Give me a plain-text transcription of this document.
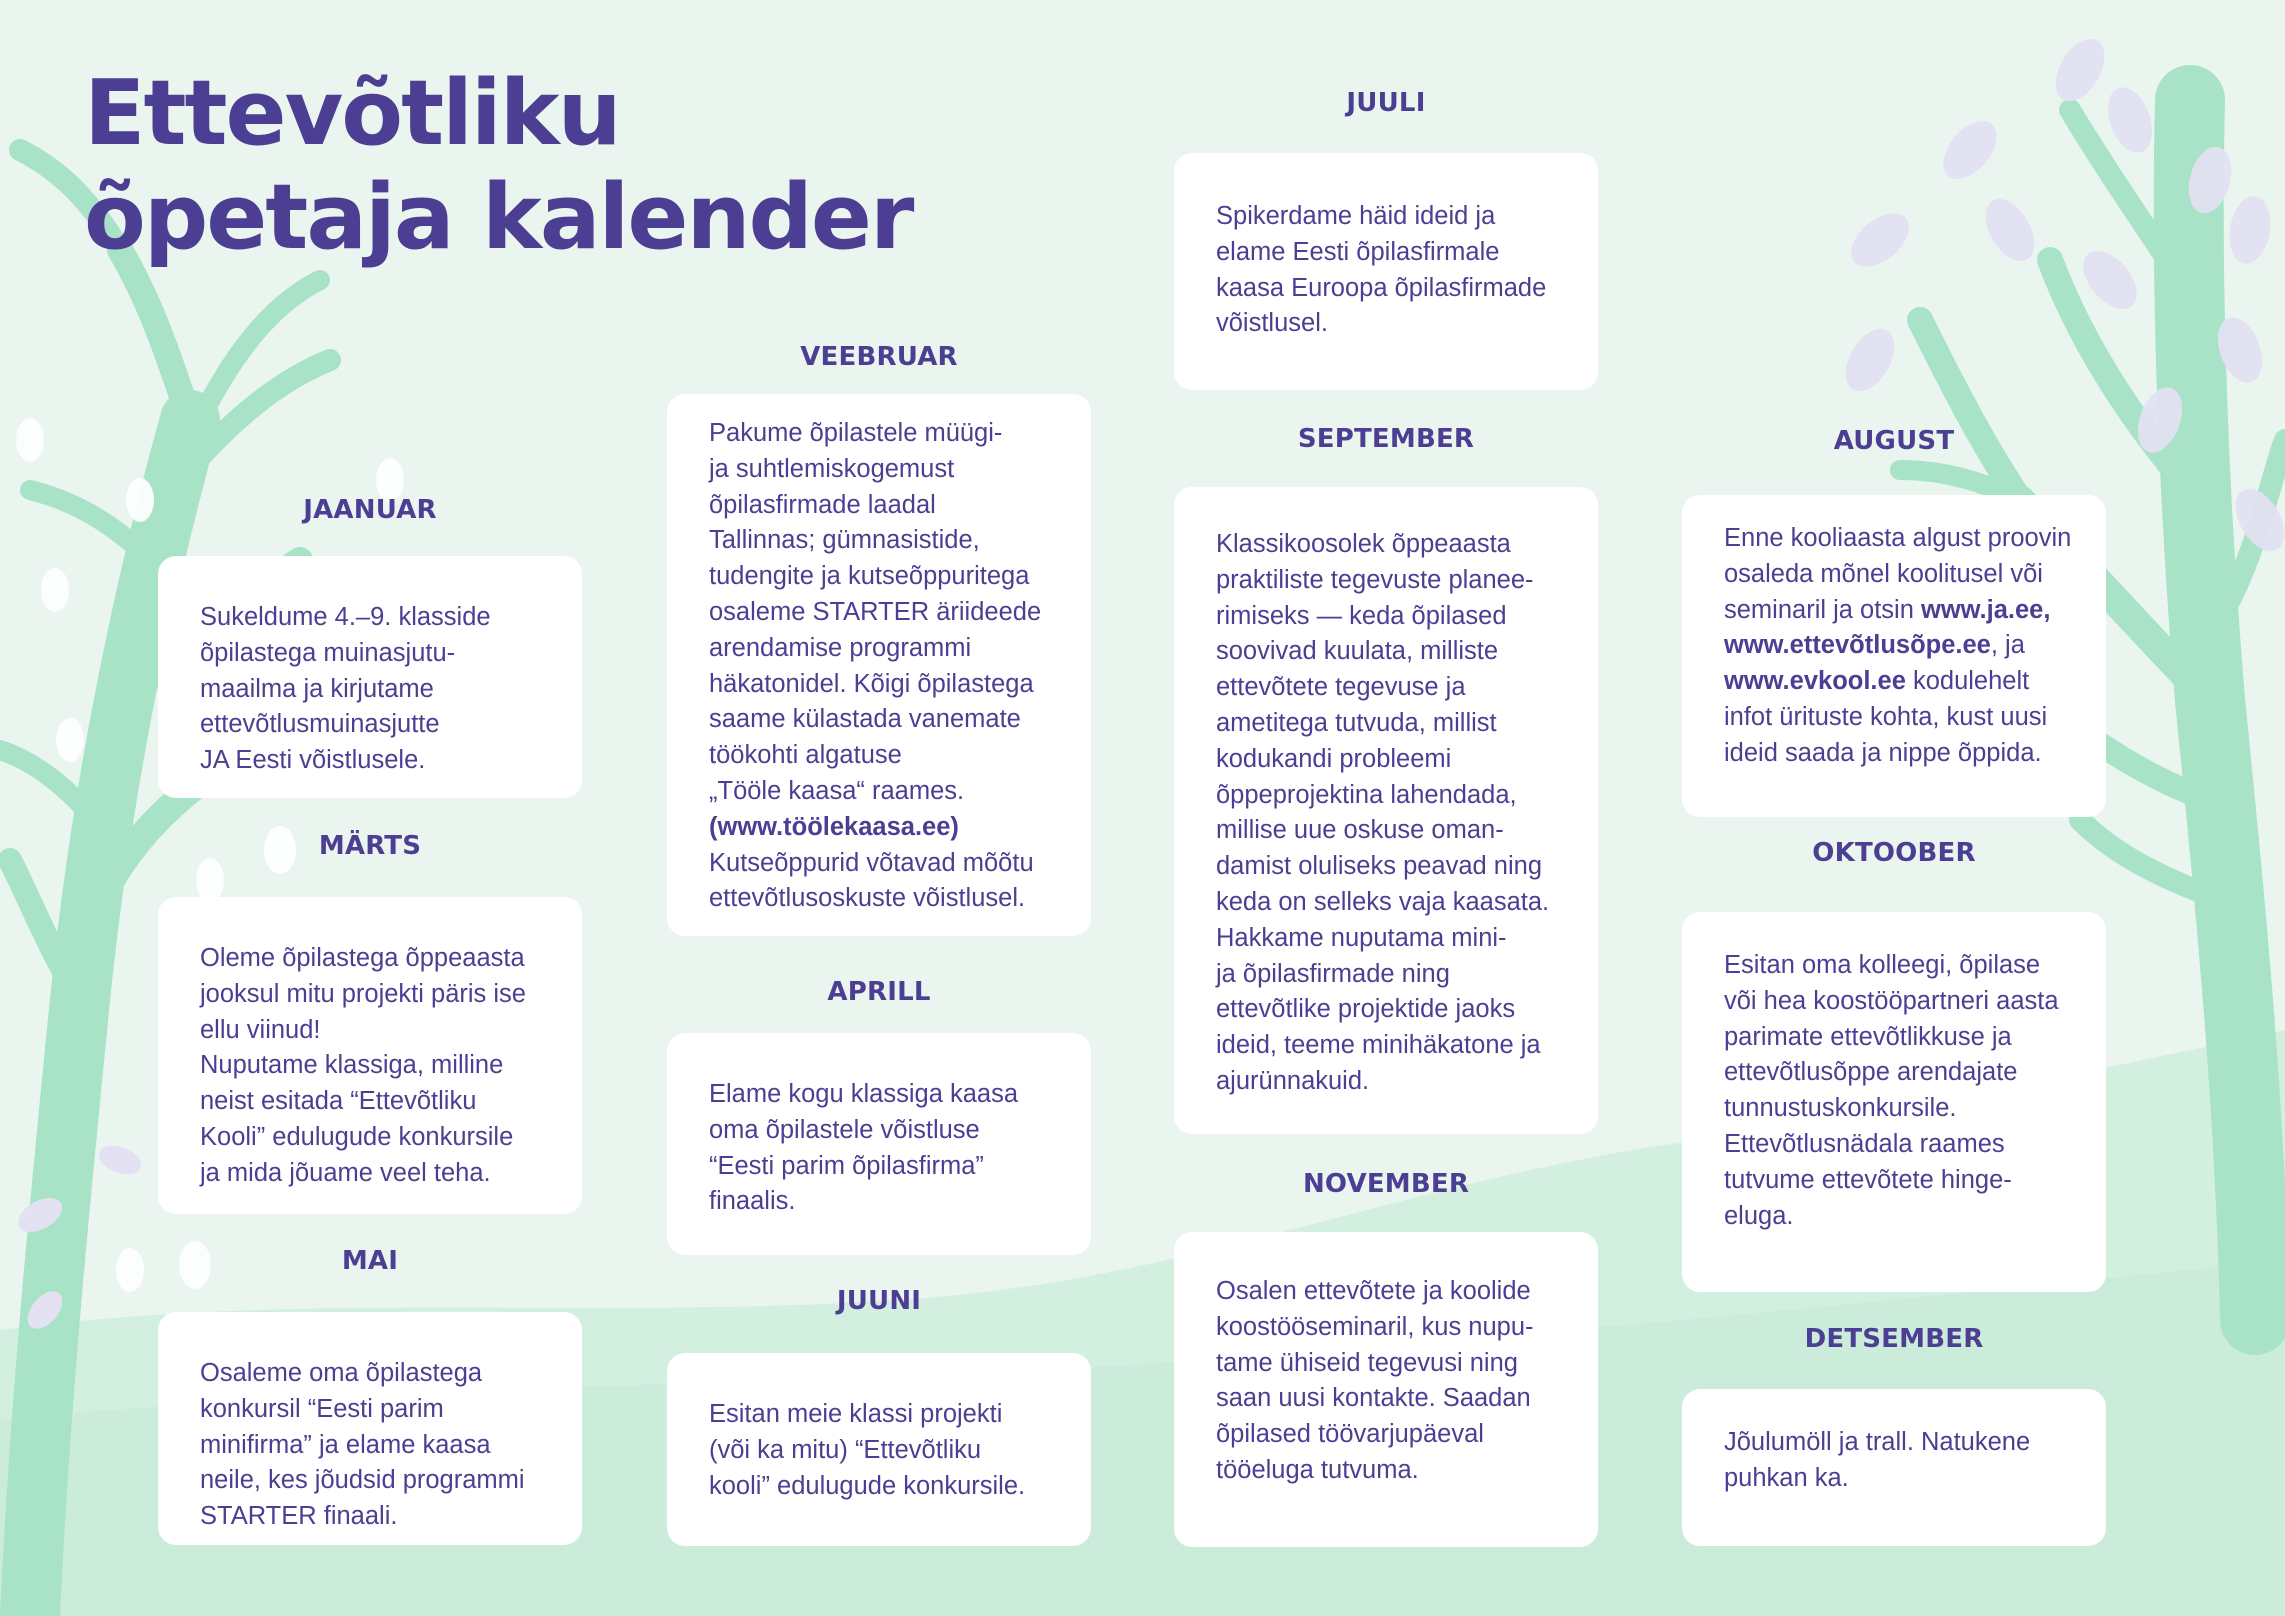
Ettevõtliku
õpetaja kalender
JAANUAR

Sukeldume 4.–9. klasside
õpilastega muinasjutu-
maailma ja kirjutame
ettevõtlusmuinasjutte
JA Eesti võistlusele.

MÄRTS

Oleme õpilastega õppeaasta
jooksul mitu projekti päris ise
ellu viinud!
Nuputame klassiga, milline
neist esitada “Ettevõtliku
Kooli” edulugude konkursile
ja mida jõuame veel teha.

MAI

Osaleme oma õpilastega
konkursil “Eesti parim
minifirma” ja elame kaasa
neile, kes jõudsid programmi
STARTER finaali.

VEEBRUAR

Pakume õpilastele müügi-
ja suhtlemiskogemust
õpilasfirmade laadal
Tallinnas; gümnasistide,
tudengite ja kutseõppuritega
osaleme STARTER äriideede
arendamise programmi
häkatonidel. Kõigi õpilastega
saame külastada vanemate
töökohti algatuse
„Tööle kaasa“ raames.
(www.töölekaasa.ee)
Kutseõppurid võtavad mõõtu
ettevõtlusoskuste võistlusel.

APRILL

Elame kogu klassiga kaasa
oma õpilastele võistluse
“Eesti parim õpilasfirma”
finaalis.

JUUNI

Esitan meie klassi projekti
(või ka mitu) “Ettevõtliku
kooli” edulugude konkursile.

JUULI

Spikerdame häid ideid ja
elame Eesti õpilasfirmale
kaasa Euroopa õpilasfirmade
võistlusel.

SEPTEMBER

Klassikoosolek õppeaasta
praktiliste tegevuste planee-
rimiseks — keda õpilased
soovivad kuulata, milliste
ettevõtete tegevuse ja
ametitega tutvuda, millist
kodukandi probleemi
õppeprojektina lahendada,
millise uue oskuse oman-
damist oluliseks peavad ning
keda on selleks vaja kaasata.
Hakkame nuputama mini-
ja õpilasfirmade ning
ettevõtlike projektide jaoks
ideid, teeme minihäkatone ja
ajurünnakuid.

NOVEMBER

Osalen ettevõtete ja koolide
koostööseminaril, kus nupu-
tame ühiseid tegevusi ning
saan uusi kontakte. Saadan
õpilased töövarjupäeval
tööeluga tutvuma.

AUGUST

Enne kooliaasta algust proovin
osaleda mõnel koolitusel või
seminaril ja otsin www.ja.ee,
www.ettevõtlusõpe.ee, ja
www.evkool.ee kodulehelt
infot ürituste kohta, kust uusi
ideid saada ja nippe õppida.

OKTOOBER

Esitan oma kolleegi, õpilase
või hea koostööpartneri aasta
parimate ettevõtlikkuse ja
ettevõtlusõppe arendajate
tunnustuskonkursile.
Ettevõtlusnädala raames
tutvume ettevõtete hinge-
eluga.

DETSEMBER

Jõulumöll ja trall. Natukene
puhkan ka.
